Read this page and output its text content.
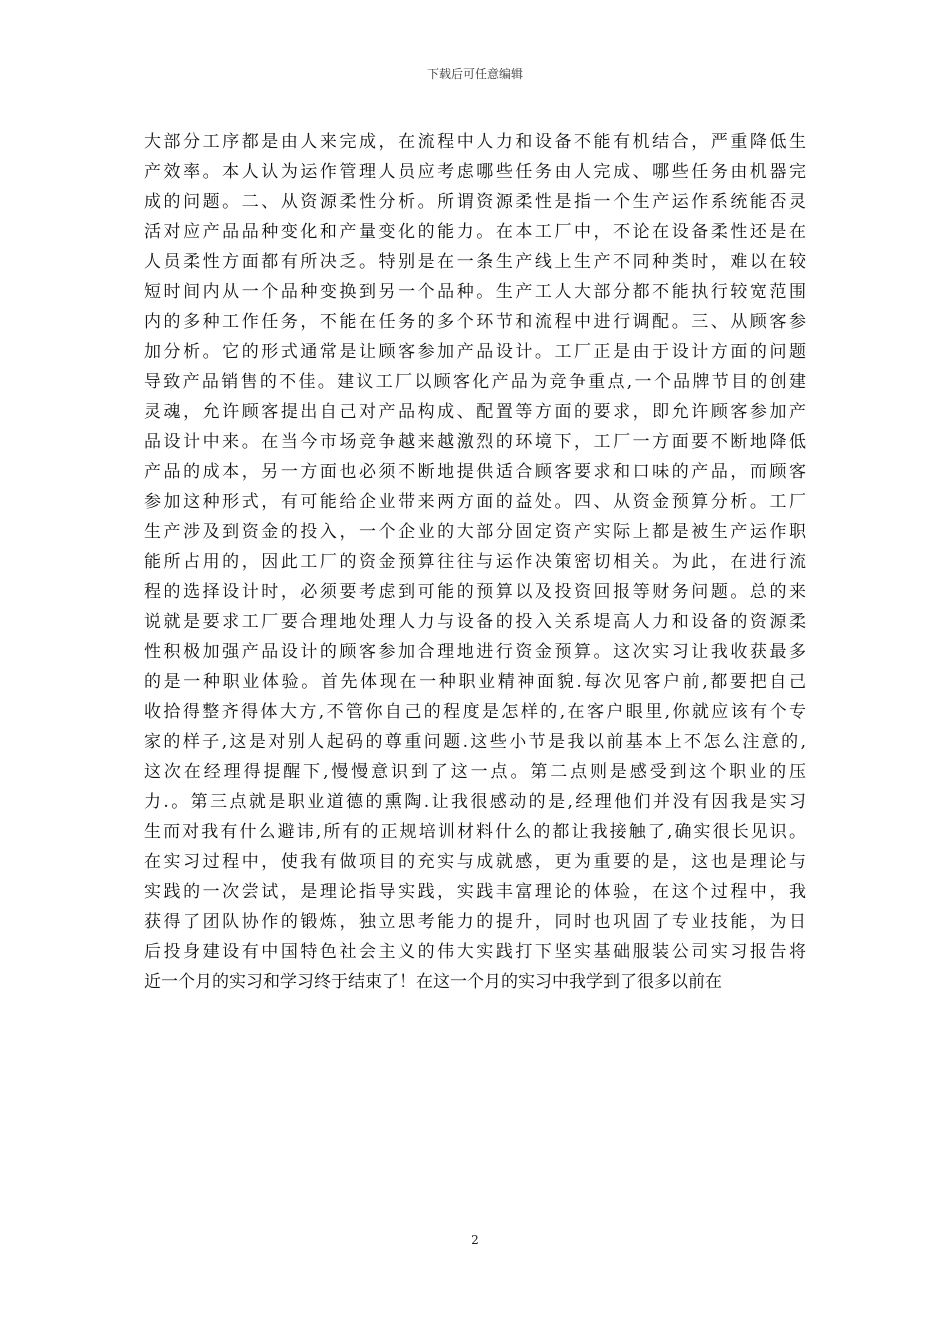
下载后可任意编辑
大部分工序都是由人来完成，在流程中人力和设备不能有机结合，严重降低生
产效率。本人认为运作管理人员应考虑哪些任务由人完成、哪些任务由机器完
成的问题。二、从资源柔性分析。所谓资源柔性是指一个生产运作系统能否灵
活对应产品品种变化和产量变化的能力。在本工厂中，不论在设备柔性还是在
人员柔性方面都有所决乏。特别是在一条生产线上生产不同种类时，难以在较
短时间内从一个品种变换到另一个品种。生产工人大部分都不能执行较宽范围
内的多种工作任务，不能在任务的多个环节和流程中进行调配。三、从顾客参
加分析。它的形式通常是让顾客参加产品设计。工厂正是由于设计方面的问题
导致产品销售的不佳。建议工厂以顾客化产品为竞争重点,一个品牌节目的创建
灵魂，允许顾客提出自己对产品构成、配置等方面的要求，即允许顾客参加产
品设计中来。在当今市场竞争越来越激烈的环境下，工厂一方面要不断地降低
产品的成本，另一方面也必须不断地提供适合顾客要求和口味的产品，而顾客
参加这种形式，有可能给企业带来两方面的益处。四、从资金预算分析。工厂
生产涉及到资金的投入，一个企业的大部分固定资产实际上都是被生产运作职
能所占用的，因此工厂的资金预算往往与运作决策密切相关。为此，在进行流
程的选择设计时，必须要考虑到可能的预算以及投资回报等财务问题。总的来
说就是要求工厂要合理地处理人力与设备的投入关系堤高人力和设备的资源柔
性积极加强产品设计的顾客参加合理地进行资金预算。这次实习让我收获最多
的是一种职业体验。首先体现在一种职业精神面貌.每次见客户前,都要把自己
收拾得整齐得体大方,不管你自己的程度是怎样的,在客户眼里,你就应该有个专
家的样子,这是对别人起码的尊重问题.这些小节是我以前基本上不怎么注意的,
这次在经理得提醒下,慢慢意识到了这一点。第二点则是感受到这个职业的压
力.。第三点就是职业道德的熏陶.让我很感动的是,经理他们并没有因我是实习
生而对我有什么避讳,所有的正规培训材料什么的都让我接触了,确实很长见识。
在实习过程中，使我有做项目的充实与成就感，更为重要的是，这也是理论与
实践的一次尝试，是理论指导实践，实践丰富理论的体验，在这个过程中，我
获得了团队协作的锻炼，独立思考能力的提升，同时也巩固了专业技能，为日
后投身建设有中国特色社会主义的伟大实践打下坚实基础服装公司实习报告将
近一个月的实习和学习终于结束了！在这一个月的实习中我学到了很多以前在
2
